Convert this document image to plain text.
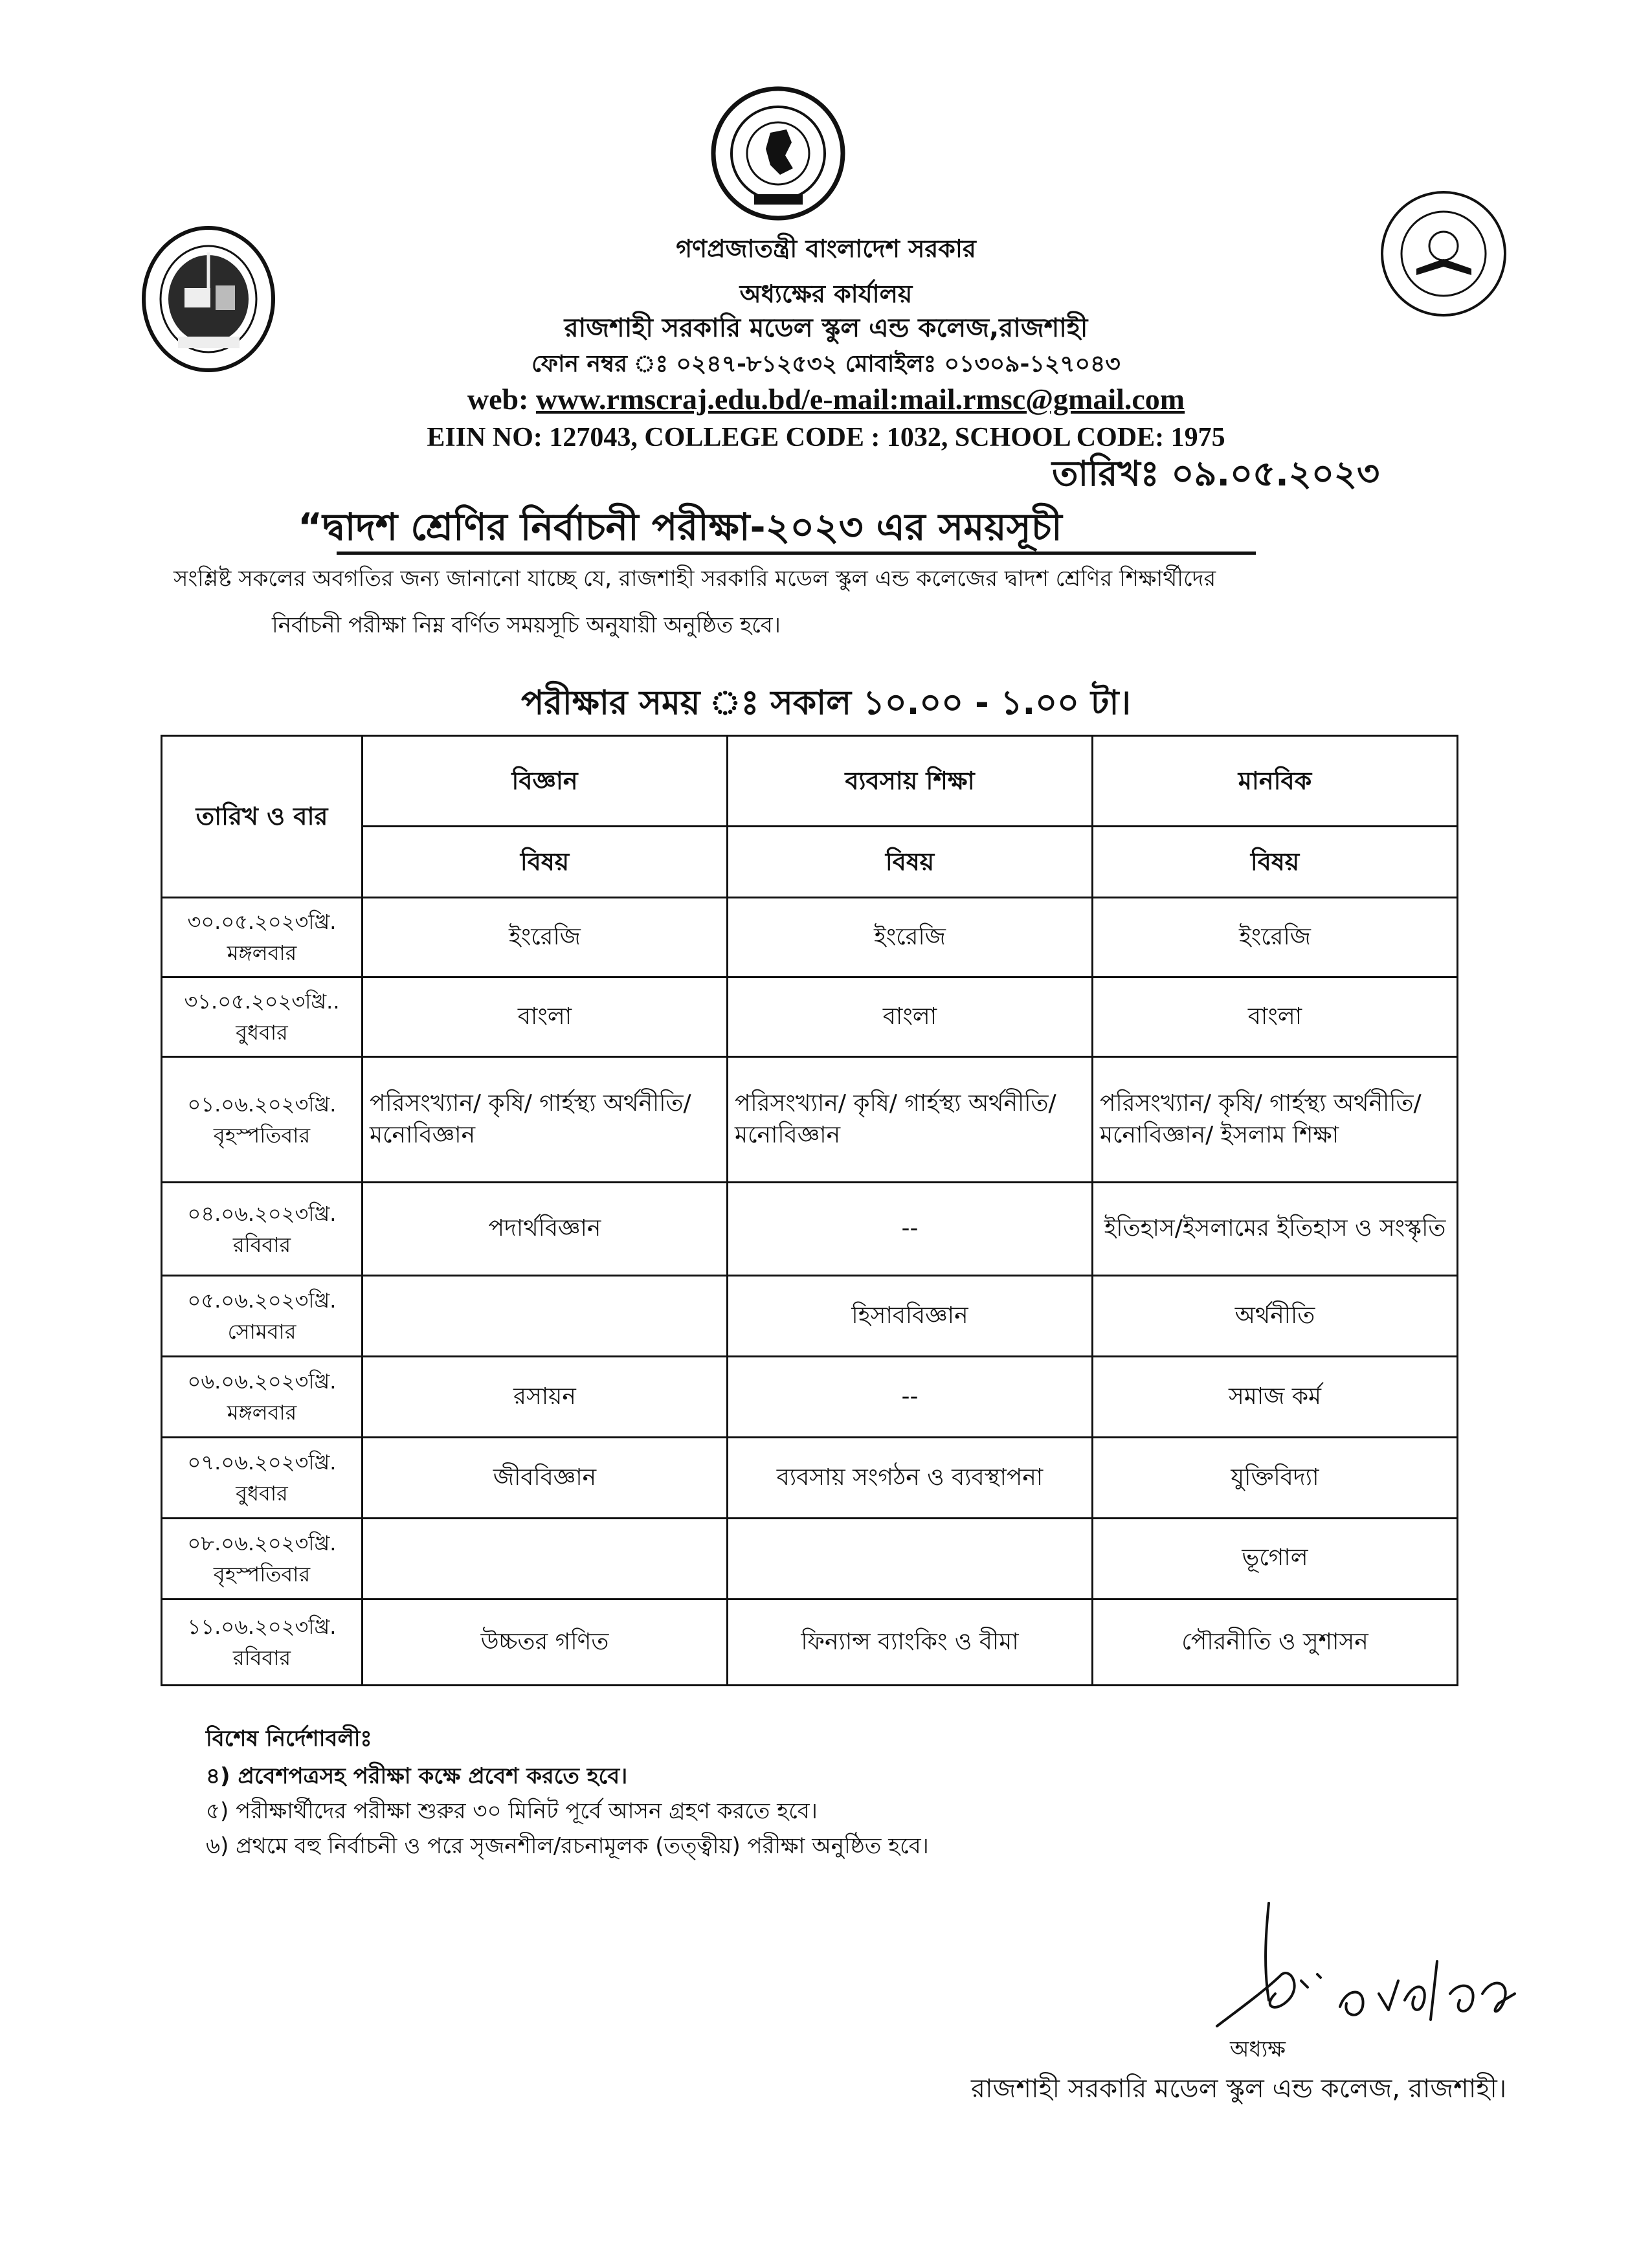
গণপ্রজাতন্ত্রী বাংলাদেশ সরকার
অধ্যক্ষের কার্যালয়
রাজশাহী সরকারি মডেল স্কুল এন্ড কলেজ,রাজশাহী
ফোন নম্বর ঃ ০২৪৭-৮১২৫৩২ মোবাইলঃ ০১৩০৯-১২৭০৪৩
web: www.rmscraj.edu.bd/e-mail:mail.rmsc@gmail.com
EIIN NO: 127043, COLLEGE CODE : 1032, SCHOOL CODE: 1975
তারিখঃ ০৯.০৫.২০২৩
“দ্বাদশ শ্রেণির নির্বাচনী পরীক্ষা-২০২৩ এর সময়সূচী
সংশ্লিষ্ট সকলের অবগতির জন্য জানানো যাচ্ছে যে, রাজশাহী সরকারি মডেল স্কুল এন্ড কলেজের দ্বাদশ শ্রেণির শিক্ষার্থীদের
নির্বাচনী পরীক্ষা নিম্ন বর্ণিত সময়সূচি অনুযায়ী অনুষ্ঠিত হবে।
পরীক্ষার সময় ঃ সকাল ১০.০০ - ১.০০ টা।
তারিখ ও বার	বিজ্ঞান	ব্যবসায় শিক্ষা	মানবিক
	বিষয়	বিষয়	বিষয়
৩০.০৫.২০২৩খ্রি.
মঙ্গলবার	ইংরেজি	ইংরেজি	ইংরেজি
৩১.০৫.২০২৩খ্রি..
বুধবার	বাংলা	বাংলা	বাংলা
০১.০৬.২০২৩খ্রি.
বৃহস্পতিবার	পরিসংখ্যান/ কৃষি/ গার্হস্থ্য অর্থনীতি/মনোবিজ্ঞান	পরিসংখ্যান/ কৃষি/ গার্হস্থ্য অর্থনীতি/মনোবিজ্ঞান	পরিসংখ্যান/ কৃষি/ গার্হস্থ্য অর্থনীতি/ মনোবিজ্ঞান/ ইসলাম শিক্ষা
০৪.০৬.২০২৩খ্রি.
রবিবার	পদার্থবিজ্ঞান	--	ইতিহাস/ইসলামের ইতিহাস ও সংস্কৃতি
০৫.০৬.২০২৩খ্রি.
সোমবার		হিসাববিজ্ঞান	অর্থনীতি
০৬.০৬.২০২৩খ্রি.
মঙ্গলবার	রসায়ন	--	সমাজ কর্ম
০৭.০৬.২০২৩খ্রি.
বুধবার	জীববিজ্ঞান	ব্যবসায় সংগঠন ও ব্যবস্থাপনা	যুক্তিবিদ্যা
০৮.০৬.২০২৩খ্রি.
বৃহস্পতিবার			ভূগোল
১১.০৬.২০২৩খ্রি.
রবিবার	উচ্চতর গণিত	ফিন্যান্স ব্যাংকিং ও বীমা	পৌরনীতি ও সুশাসন
বিশেষ নির্দেশাবলীঃ
৪) প্রবেশপত্রসহ পরীক্ষা কক্ষে প্রবেশ করতে হবে।
৫) পরীক্ষার্থীদের পরীক্ষা শুরুর ৩০ মিনিট পূর্বে আসন গ্রহণ করতে হবে।
৬) প্রথমে বহু নির্বাচনী ও পরে সৃজনশীল/রচনামূলক (তত্ত্বীয়) পরীক্ষা অনুষ্ঠিত হবে।
অধ্যক্ষ
রাজশাহী সরকারি মডেল স্কুল এন্ড কলেজ, রাজশাহী।
